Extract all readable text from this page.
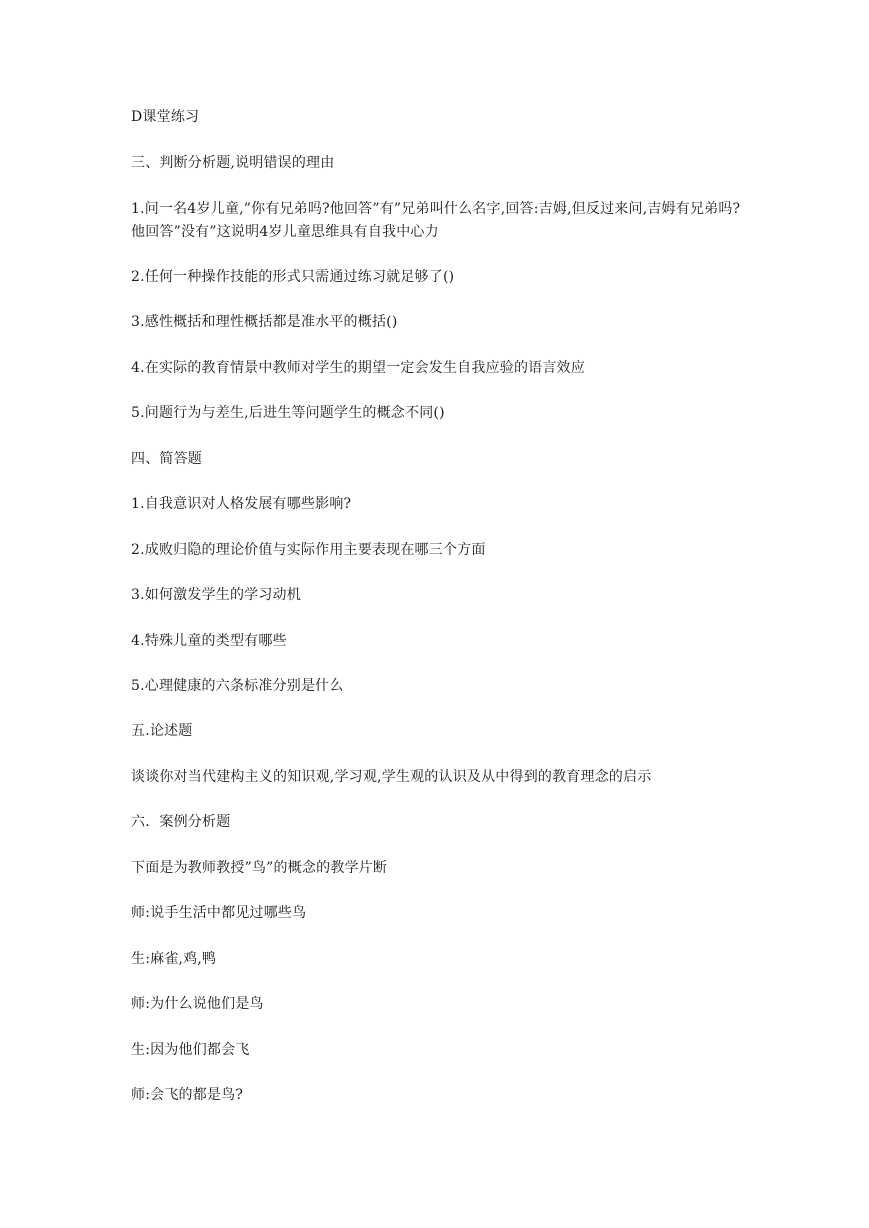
D课堂练习
三、判断分析题,说明错误的理由
1.问一名4岁儿童,”你有兄弟吗?他回答”有”兄弟叫什么名字,回答:吉姆,但反过来问,吉姆有兄弟吗?他回答”没有”这说明4岁儿童思维具有自我中心力
2.任何一种操作技能的形式只需通过练习就足够了()
3.感性概括和理性概括都是准水平的概括()
4.在实际的教育情景中教师对学生的期望一定会发生自我应验的语言效应
5.问题行为与差生,后进生等问题学生的概念不同()
四、简答题
1.自我意识对人格发展有哪些影响?
2.成败归隐的理论价值与实际作用主要表现在哪三个方面
3.如何激发学生的学习动机
4.特殊儿童的类型有哪些
5.心理健康的六条标准分别是什么
五.论述题
谈谈你对当代建构主义的知识观,学习观,学生观的认识及从中得到的教育理念的启示
六．案例分析题
下面是为教师教授”鸟”的概念的教学片断
师:说手生活中都见过哪些鸟
生:麻雀,鸡,鸭
师:为什么说他们是鸟
生:因为他们都会飞
师:会飞的都是鸟?
